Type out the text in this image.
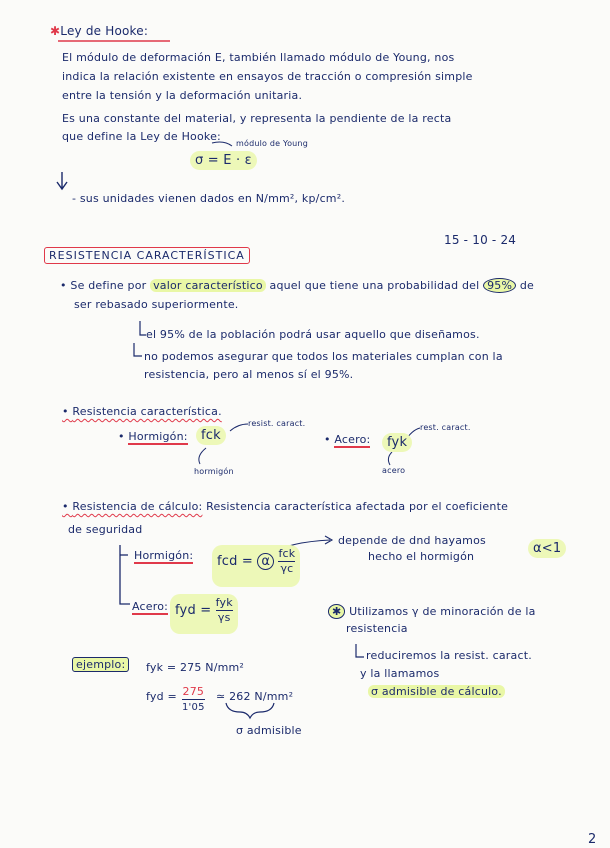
✱Ley de Hooke:
El módulo de deformación E, también llamado módulo de Young, nos
indica la relación existente en ensayos de tracción o compresión simple
entre la tensión y la deformación unitaria.
Es una constante del material, y representa la pendiente de la recta
que define la Ley de Hooke:
módulo de Young
σ = E · ε
- sus unidades vienen dados en N/mm², kp/cm².
15 - 10 - 24
RESISTENCIA CARACTERÍSTICA
• Se define por valor característico aquel que tiene una probabilidad del 95% de
ser rebasado superiormente.
el 95% de la población podrá usar aquello que diseñamos.
no podemos asegurar que todos los materiales cumplan con la
resistencia, pero al menos sí el 95%.
• Resistencia característica.
• Hormigón:	fck
resist. caract.
hormigón
• Acero:	fyk
rest. caract.
acero
• Resistencia de cálculo: Resistencia característica afectada por el coeficiente
de seguridad
Hormigón:	fcd = α
fck
γc
depende de dnd hayamos
hecho el hormigón
α<1
Acero: fyd =
fyk
γs	✱ Utilizamos γ de minoración de la
resistencia
reduciremos la resist. caract.
y la llamamos
σ admisible de cálculo.
ejemplo:	fyk = 275 N/mm²
fyd = 275
1'05
≃ 262 N/mm²
σ admisible
2
